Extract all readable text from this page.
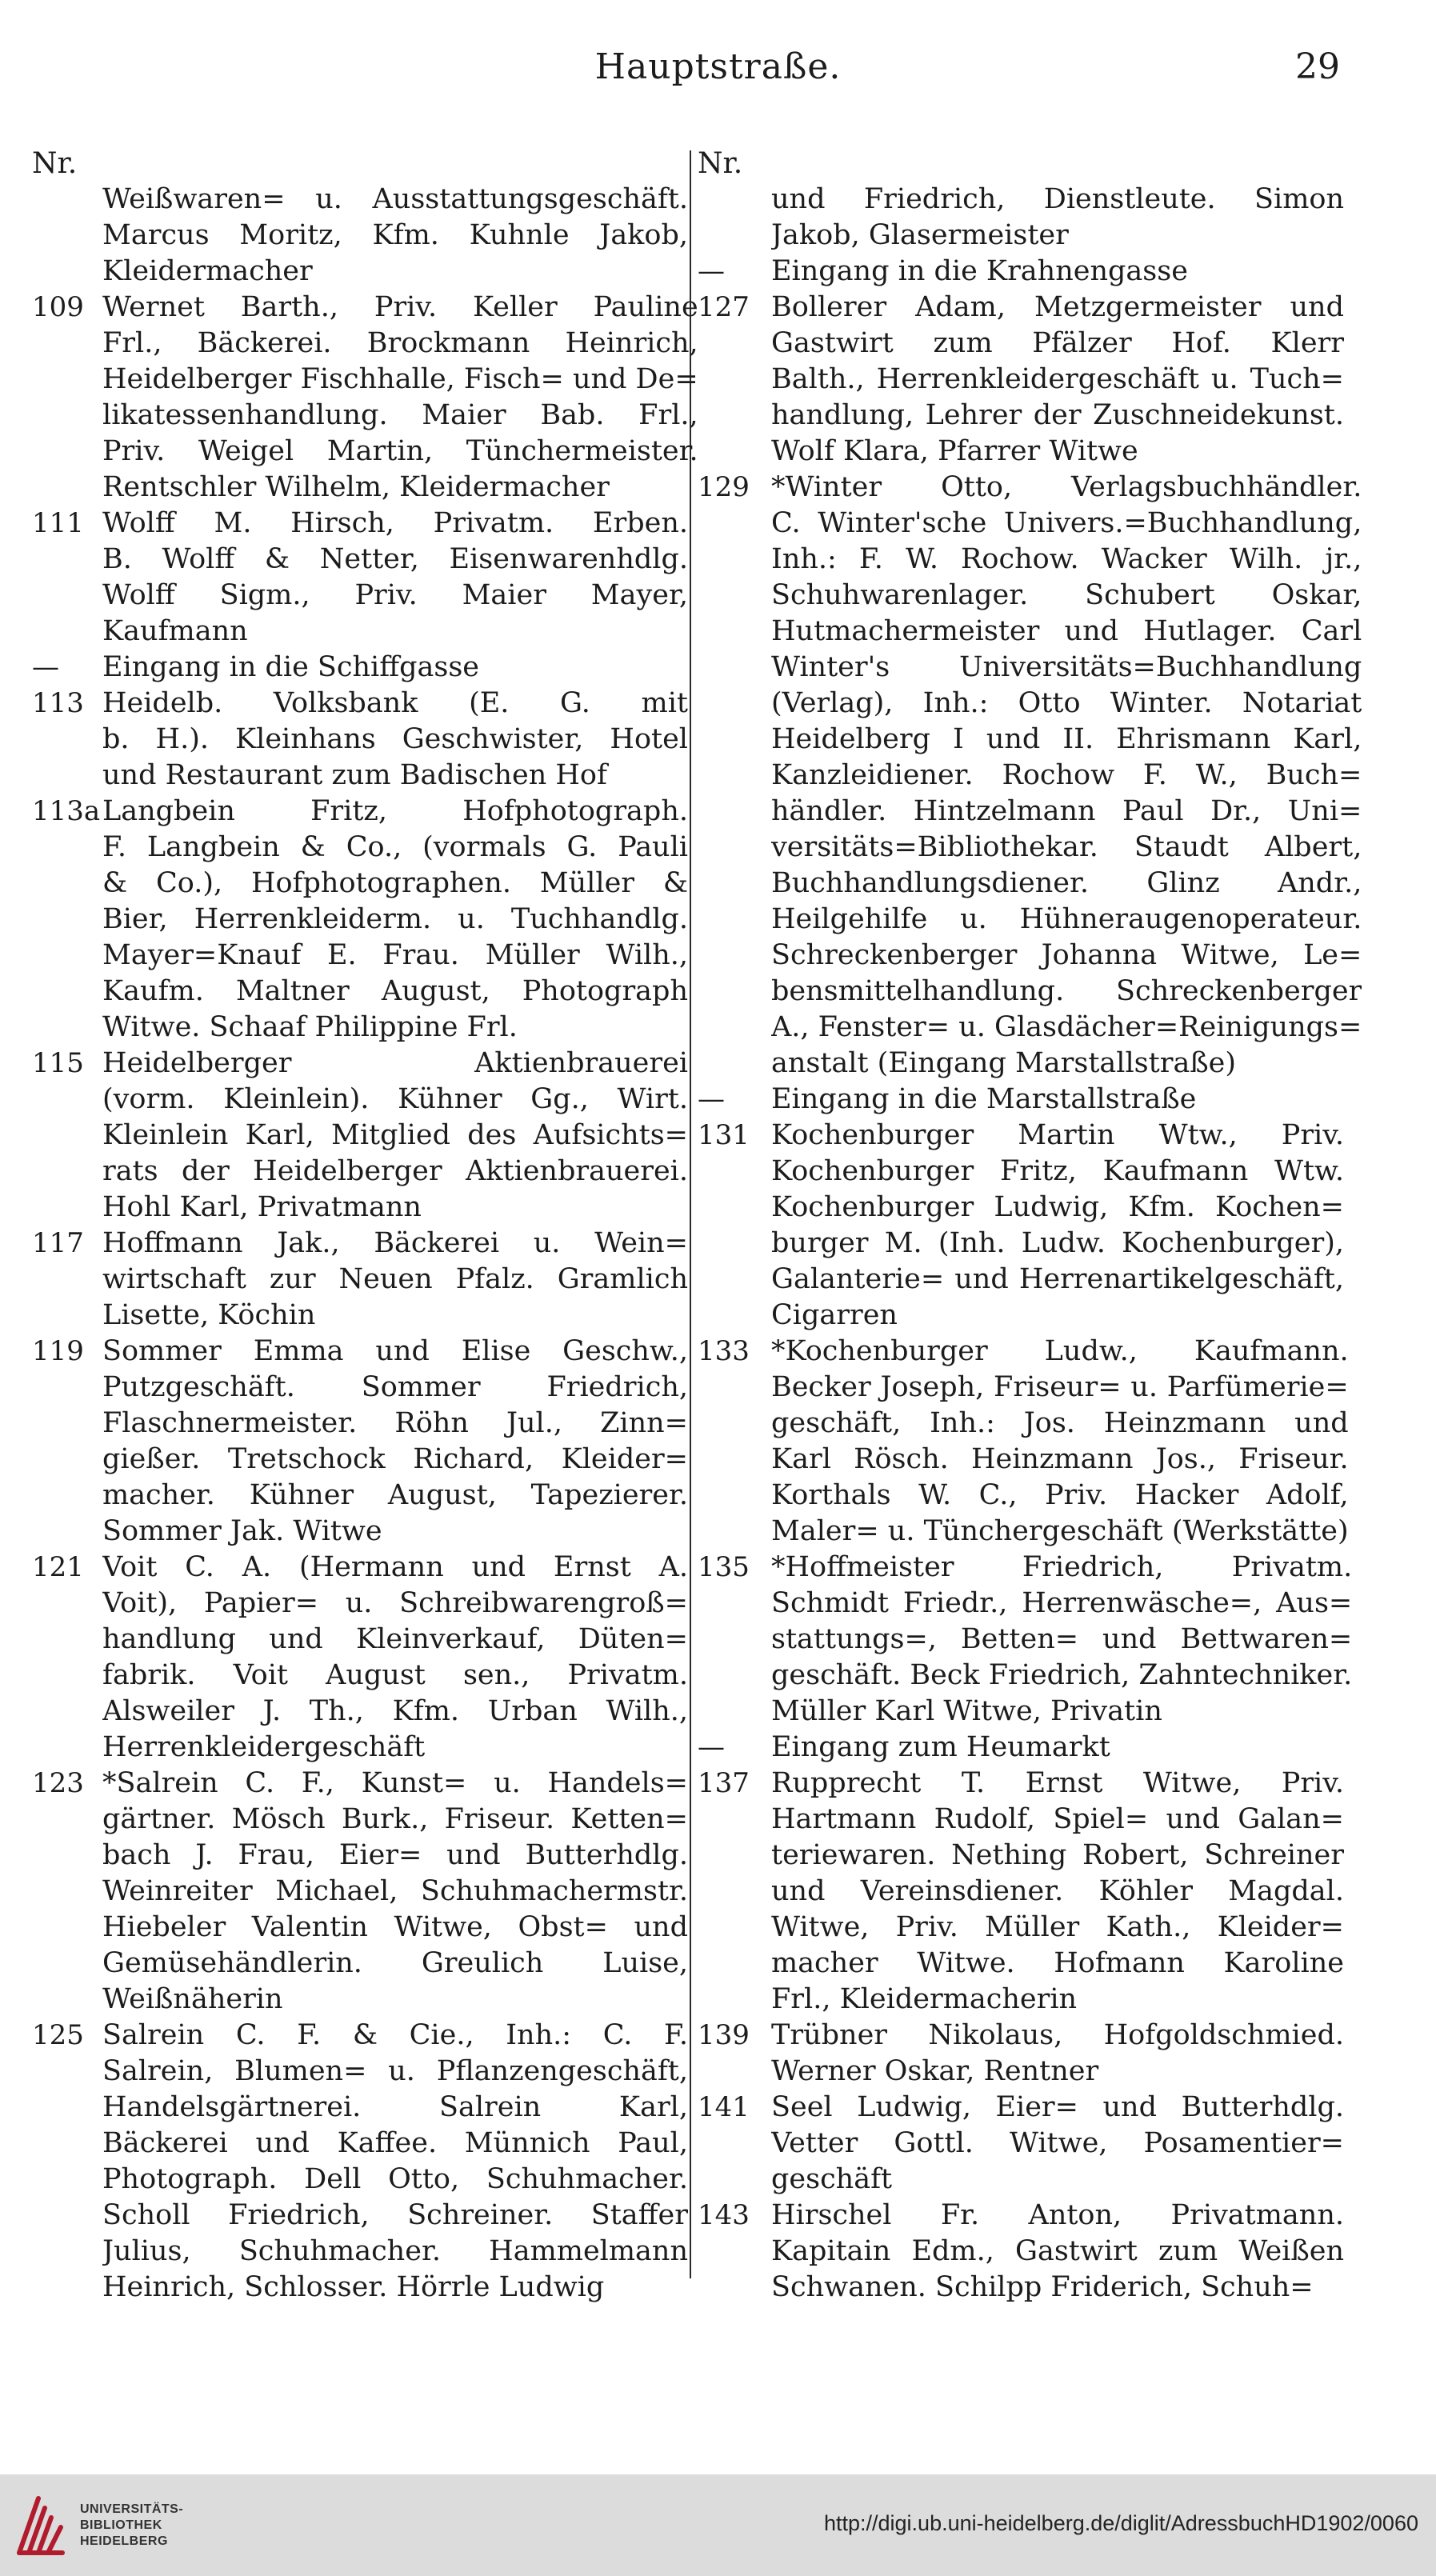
Hauptstraße.	29
Nr.
Weißwaren= u. Ausstattungsgeschäft.
Marcus Moritz, Kfm. Kuhnle Jakob,
Kleidermacher
109 Wernet Barth., Priv. Keller Pauline
Frl., Bäckerei. Brockmann Heinrich,
Heidelberger Fischhalle, Fisch= und De=
likatessenhandlung. Maier Bab. Frl.,
Priv. Weigel Martin, Tünchermeister.
Rentschler Wilhelm, Kleidermacher
111 Wolff M. Hirsch, Privatm. Erben.
B. Wolff & Netter, Eisenwarenhdlg.
Wolff Sigm., Priv. Maier Mayer,
Kaufmann
—	Eingang in die Schiffgasse
113 Heidelb. Volksbank (E. G. mit
b. H.). Kleinhans Geschwister, Hotel
und Restaurant zum Badischen Hof
113a Langbein Fritz, Hofphotograph.
F. Langbein & Co., (vormals G. Pauli
& Co.), Hofphotographen. Müller &
Bier, Herrenkleiderm. u. Tuchhandlg.
Mayer=Knauf E. Frau. Müller Wilh.,
Kaufm. Maltner August, Photograph
Witwe. Schaaf Philippine Frl.
115 Heidelberger Aktienbrauerei
(vorm. Kleinlein). Kühner Gg., Wirt.
Kleinlein Karl, Mitglied des Aufsichts=
rats der Heidelberger Aktienbrauerei.
Hohl Karl, Privatmann
117 Hoffmann Jak., Bäckerei u. Wein=
wirtschaft zur Neuen Pfalz. Gramlich
Lisette, Köchin
119 Sommer Emma und Elise Geschw.,
Putzgeschäft. Sommer Friedrich,
Flaschnermeister. Röhn Jul., Zinn=
gießer. Tretschock Richard, Kleider=
macher. Kühner August, Tapezierer.
Sommer Jak. Witwe
121 Voit C. A. (Hermann und Ernst A.
Voit), Papier= u. Schreibwarengroß=
handlung und Kleinverkauf, Düten=
fabrik. Voit August sen., Privatm.
Alsweiler J. Th., Kfm. Urban Wilh.,
Herrenkleidergeschäft
123 *Salrein C. F., Kunst= u. Handels=
gärtner. Mösch Burk., Friseur. Ketten=
bach J. Frau, Eier= und Butterhdlg.
Weinreiter Michael, Schuhmachermstr.
Hiebeler Valentin Witwe, Obst= und
Gemüsehändlerin. Greulich Luise,
Weißnäherin
125 Salrein C. F. & Cie., Inh.: C. F.
Salrein, Blumen= u. Pflanzengeschäft,
Handelsgärtnerei. Salrein Karl,
Bäckerei und Kaffee. Münnich Paul,
Photograph. Dell Otto, Schuhmacher.
Scholl Friedrich, Schreiner. Staffer
Julius, Schuhmacher. Hammelmann
Heinrich, Schlosser. Hörrle Ludwig
Nr.
und Friedrich, Dienstleute. Simon
Jakob, Glasermeister
—	Eingang in die Krahnengasse
127 Bollerer Adam, Metzgermeister und
Gastwirt zum Pfälzer Hof. Klerr
Balth., Herrenkleidergeschäft u. Tuch=
handlung, Lehrer der Zuschneidekunst.
Wolf Klara, Pfarrer Witwe
129 *Winter Otto, Verlagsbuchhändler.
C. Winter'sche Univers.=Buchhandlung,
Inh.: F. W. Rochow. Wacker Wilh. jr.,
Schuhwarenlager. Schubert Oskar,
Hutmachermeister und Hutlager. Carl
Winter's Universitäts=Buchhandlung
(Verlag), Inh.: Otto Winter. Notariat
Heidelberg I und II. Ehrismann Karl,
Kanzleidiener. Rochow F. W., Buch=
händler. Hintzelmann Paul Dr., Uni=
versitäts=Bibliothekar. Staudt Albert,
Buchhandlungsdiener. Glinz Andr.,
Heilgehilfe u. Hühneraugenoperateur.
Schreckenberger Johanna Witwe, Le=
bensmittelhandlung. Schreckenberger
A., Fenster= u. Glasdächer=Reinigungs=
anstalt (Eingang Marstallstraße)
—	Eingang in die Marstallstraße
131 Kochenburger Martin Wtw., Priv.
Kochenburger Fritz, Kaufmann Wtw.
Kochenburger Ludwig, Kfm. Kochen=
burger M. (Inh. Ludw. Kochenburger),
Galanterie= und Herrenartikelgeschäft,
Cigarren
133 *Kochenburger Ludw., Kaufmann.
Becker Joseph, Friseur= u. Parfümerie=
geschäft, Inh.: Jos. Heinzmann und
Karl Rösch. Heinzmann Jos., Friseur.
Korthals W. C., Priv. Hacker Adolf,
Maler= u. Tünchergeschäft (Werkstätte)
135 *Hoffmeister Friedrich, Privatm.
Schmidt Friedr., Herrenwäsche=, Aus=
stattungs=, Betten= und Bettwaren=
geschäft. Beck Friedrich, Zahntechniker.
Müller Karl Witwe, Privatin
—	Eingang zum Heumarkt
137 Rupprecht T. Ernst Witwe, Priv.
Hartmann Rudolf, Spiel= und Galan=
teriewaren. Nething Robert, Schreiner
und Vereinsdiener. Köhler Magdal.
Witwe, Priv. Müller Kath., Kleider=
macher Witwe. Hofmann Karoline
Frl., Kleidermacherin
139 Trübner Nikolaus, Hofgoldschmied.
Werner Oskar, Rentner
141 Seel Ludwig, Eier= und Butterhdlg.
Vetter Gottl. Witwe, Posamentier=
geschäft
143 Hirschel Fr. Anton, Privatmann.
Kapitain Edm., Gastwirt zum Weißen
Schwanen. Schilpp Friderich, Schuh=
UNIVERSITÄTS-
BIBLIOTHEK
HEIDELBERG
http://digi.ub.uni-heidelberg.de/diglit/AdressbuchHD1902/0060
